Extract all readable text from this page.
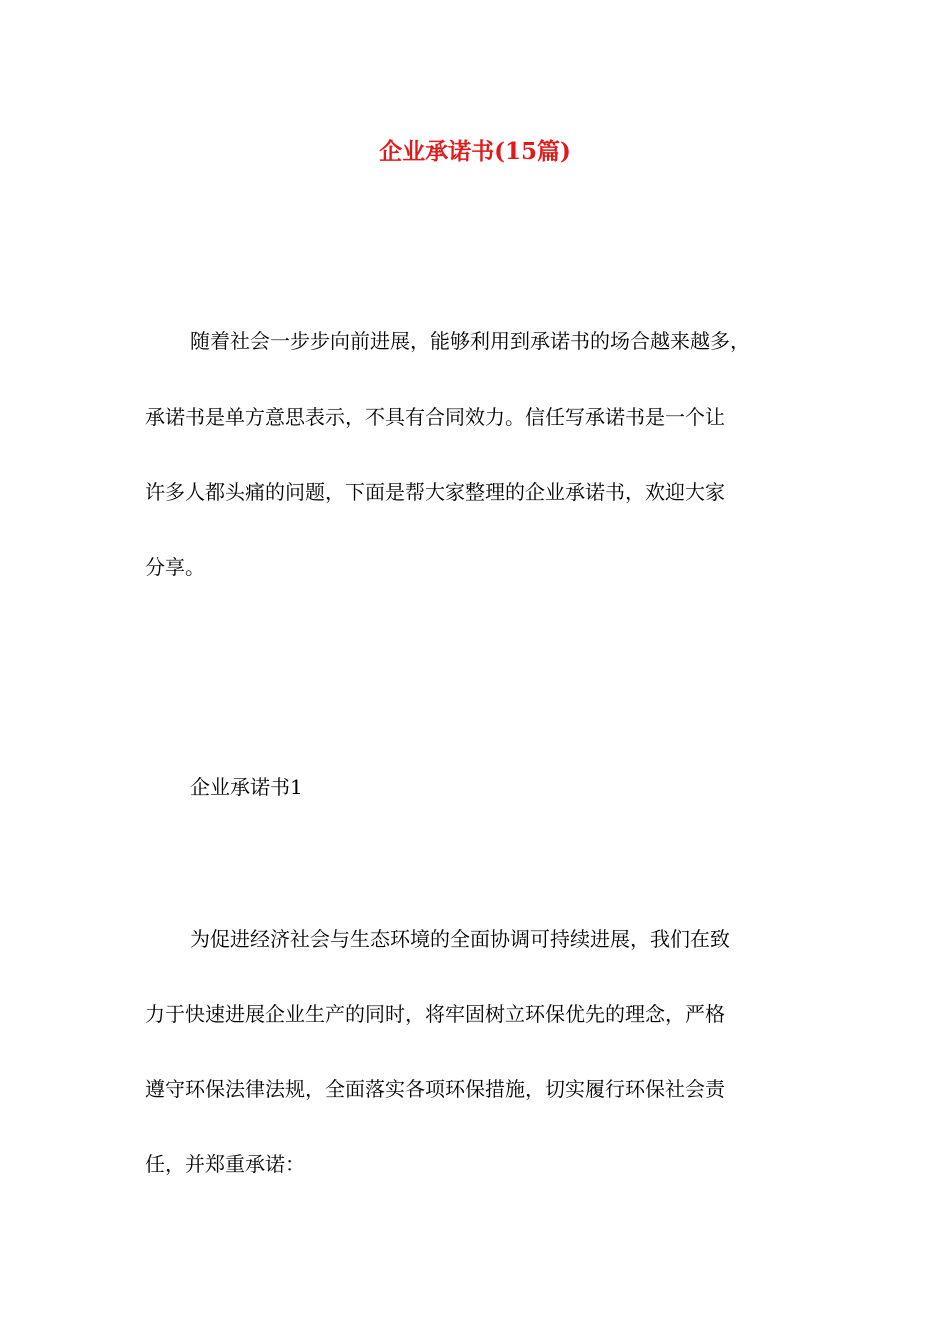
企业承诺书(15篇)

随着社会一步步向前进展，能够利用到承诺书的场合越来越多，

承诺书是单方意思表示，不具有合同效力。信任写承诺书是一个让

许多人都头痛的问题，下面是帮大家整理的企业承诺书，欢迎大家

分享。

企业承诺书1

为促进经济社会与生态环境的全面协调可持续进展，我们在致

力于快速进展企业生产的同时，将牢固树立环保优先的理念，严格

遵守环保法律法规，全面落实各项环保措施，切实履行环保社会责

任，并郑重承诺：
